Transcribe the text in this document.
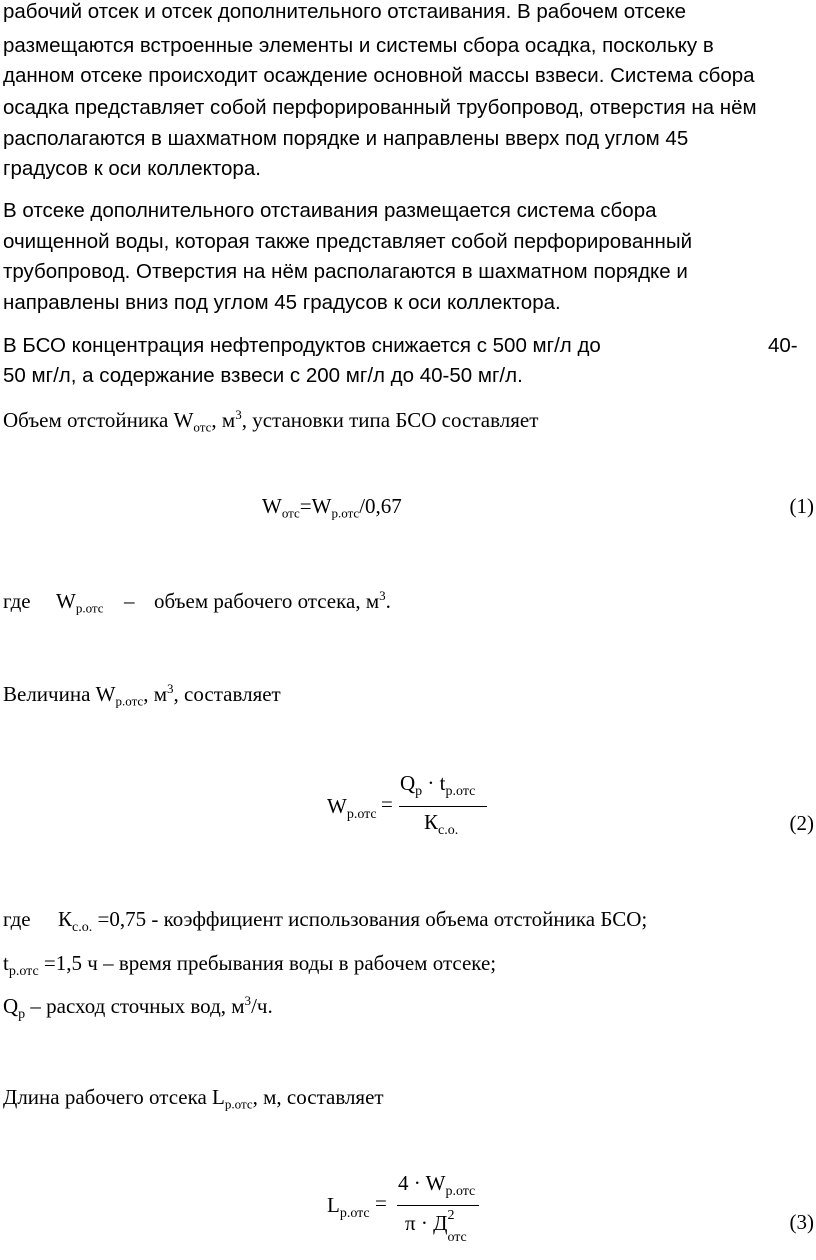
рабочий отсек и отсек дополнительного отстаивания. В рабочем отсеке
размещаются встроенные элементы и системы сбора осадка, поскольку в
данном отсеке происходит осаждение основной массы взвеси. Система сбора
осадка представляет собой перфорированный трубопровод, отверстия на нём
располагаются в шахматном порядке и направлены вверх под углом 45
градусов к оси коллектора.
В отсеке дополнительного отстаивания размещается система сбора
очищенной воды, которая также представляет собой перфорированный
трубопровод. Отверстия на нём располагаются в шахматном порядке и
направлены вниз под углом 45 градусов к оси коллектора.
В БСО концентрация нефтепродуктов снижается с 500 мг/л до	40-
50 мг/л, а содержание взвеси с 200 мг/л до 40-50 мг/л.
Объем отстойника $W_{отс}$, $м^3$, установки типа БСО составляет
$W_{отс}=W_{р.отс}/0,67$	(1)
где $W_{р.отс}$ – объем рабочего отсека, $м^3$.
Величина $W_{р.отс}$, $м^3$, составляет
$W_{р.отс}$ =
$Q_р \cdot t_{р.отс}$
$К_{с.о.}$	(2)
где $К_{с.о.} =0,75$ - коэффициент использования объема отстойника БСО;
$t_{р.отс} =1,5$ ч – время пребывания воды в рабочем отсеке;
$Q_р$ – расход сточных вод, $м^3/ч$.
Длина рабочего отсека $L_{р.отс}$, м, составляет
$L_{р.отс}$ =
$4 \cdot W_{р.отс}$
π · Д 2
отс
(3)
